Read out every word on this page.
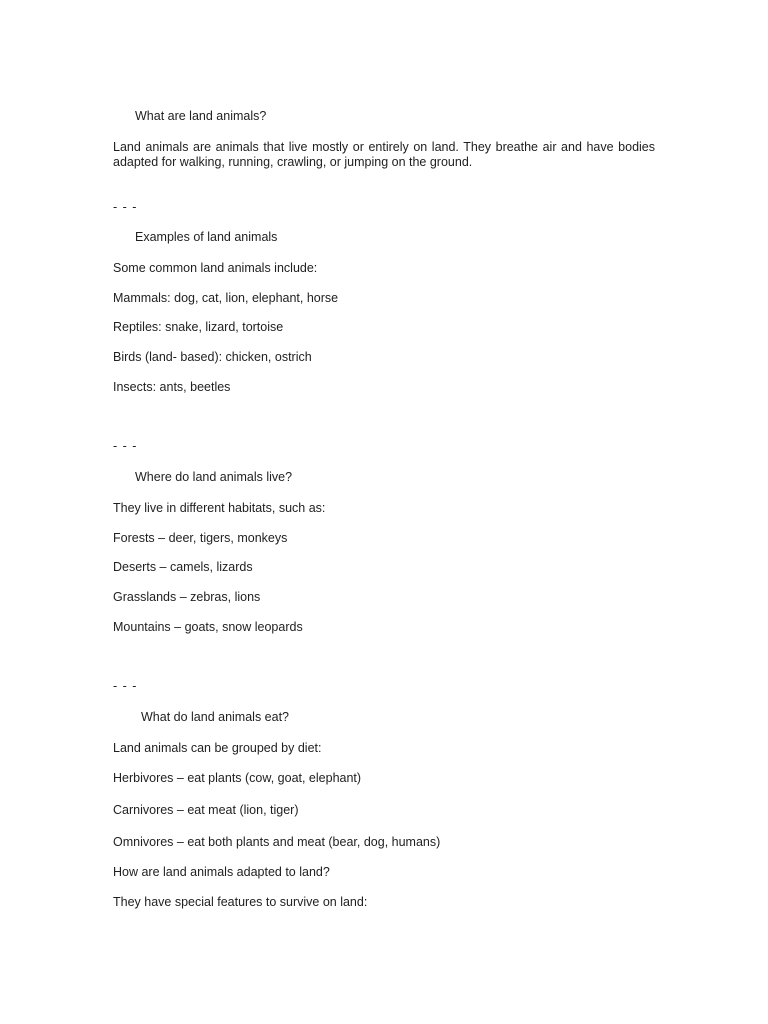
What are land animals?
Land animals are animals that live mostly or entirely on land. They breathe air and have bodies adapted for walking, running, crawling, or jumping on the ground.
- - -
Examples of land animals
Some common land animals include:
Mammals: dog, cat, lion, elephant, horse
Reptiles: snake, lizard, tortoise
Birds (land- based): chicken, ostrich
Insects: ants, beetles
- - -
Where do land animals live?
They live in different habitats, such as:
Forests – deer, tigers, monkeys
Deserts – camels, lizards
Grasslands – zebras, lions
Mountains – goats, snow leopards
- - -
What do land animals eat?
Land animals can be grouped by diet:
Herbivores – eat plants (cow, goat, elephant)
Carnivores – eat meat (lion, tiger)
Omnivores – eat both plants and meat (bear, dog, humans)
How are land animals adapted to land?
They have special features to survive on land:
